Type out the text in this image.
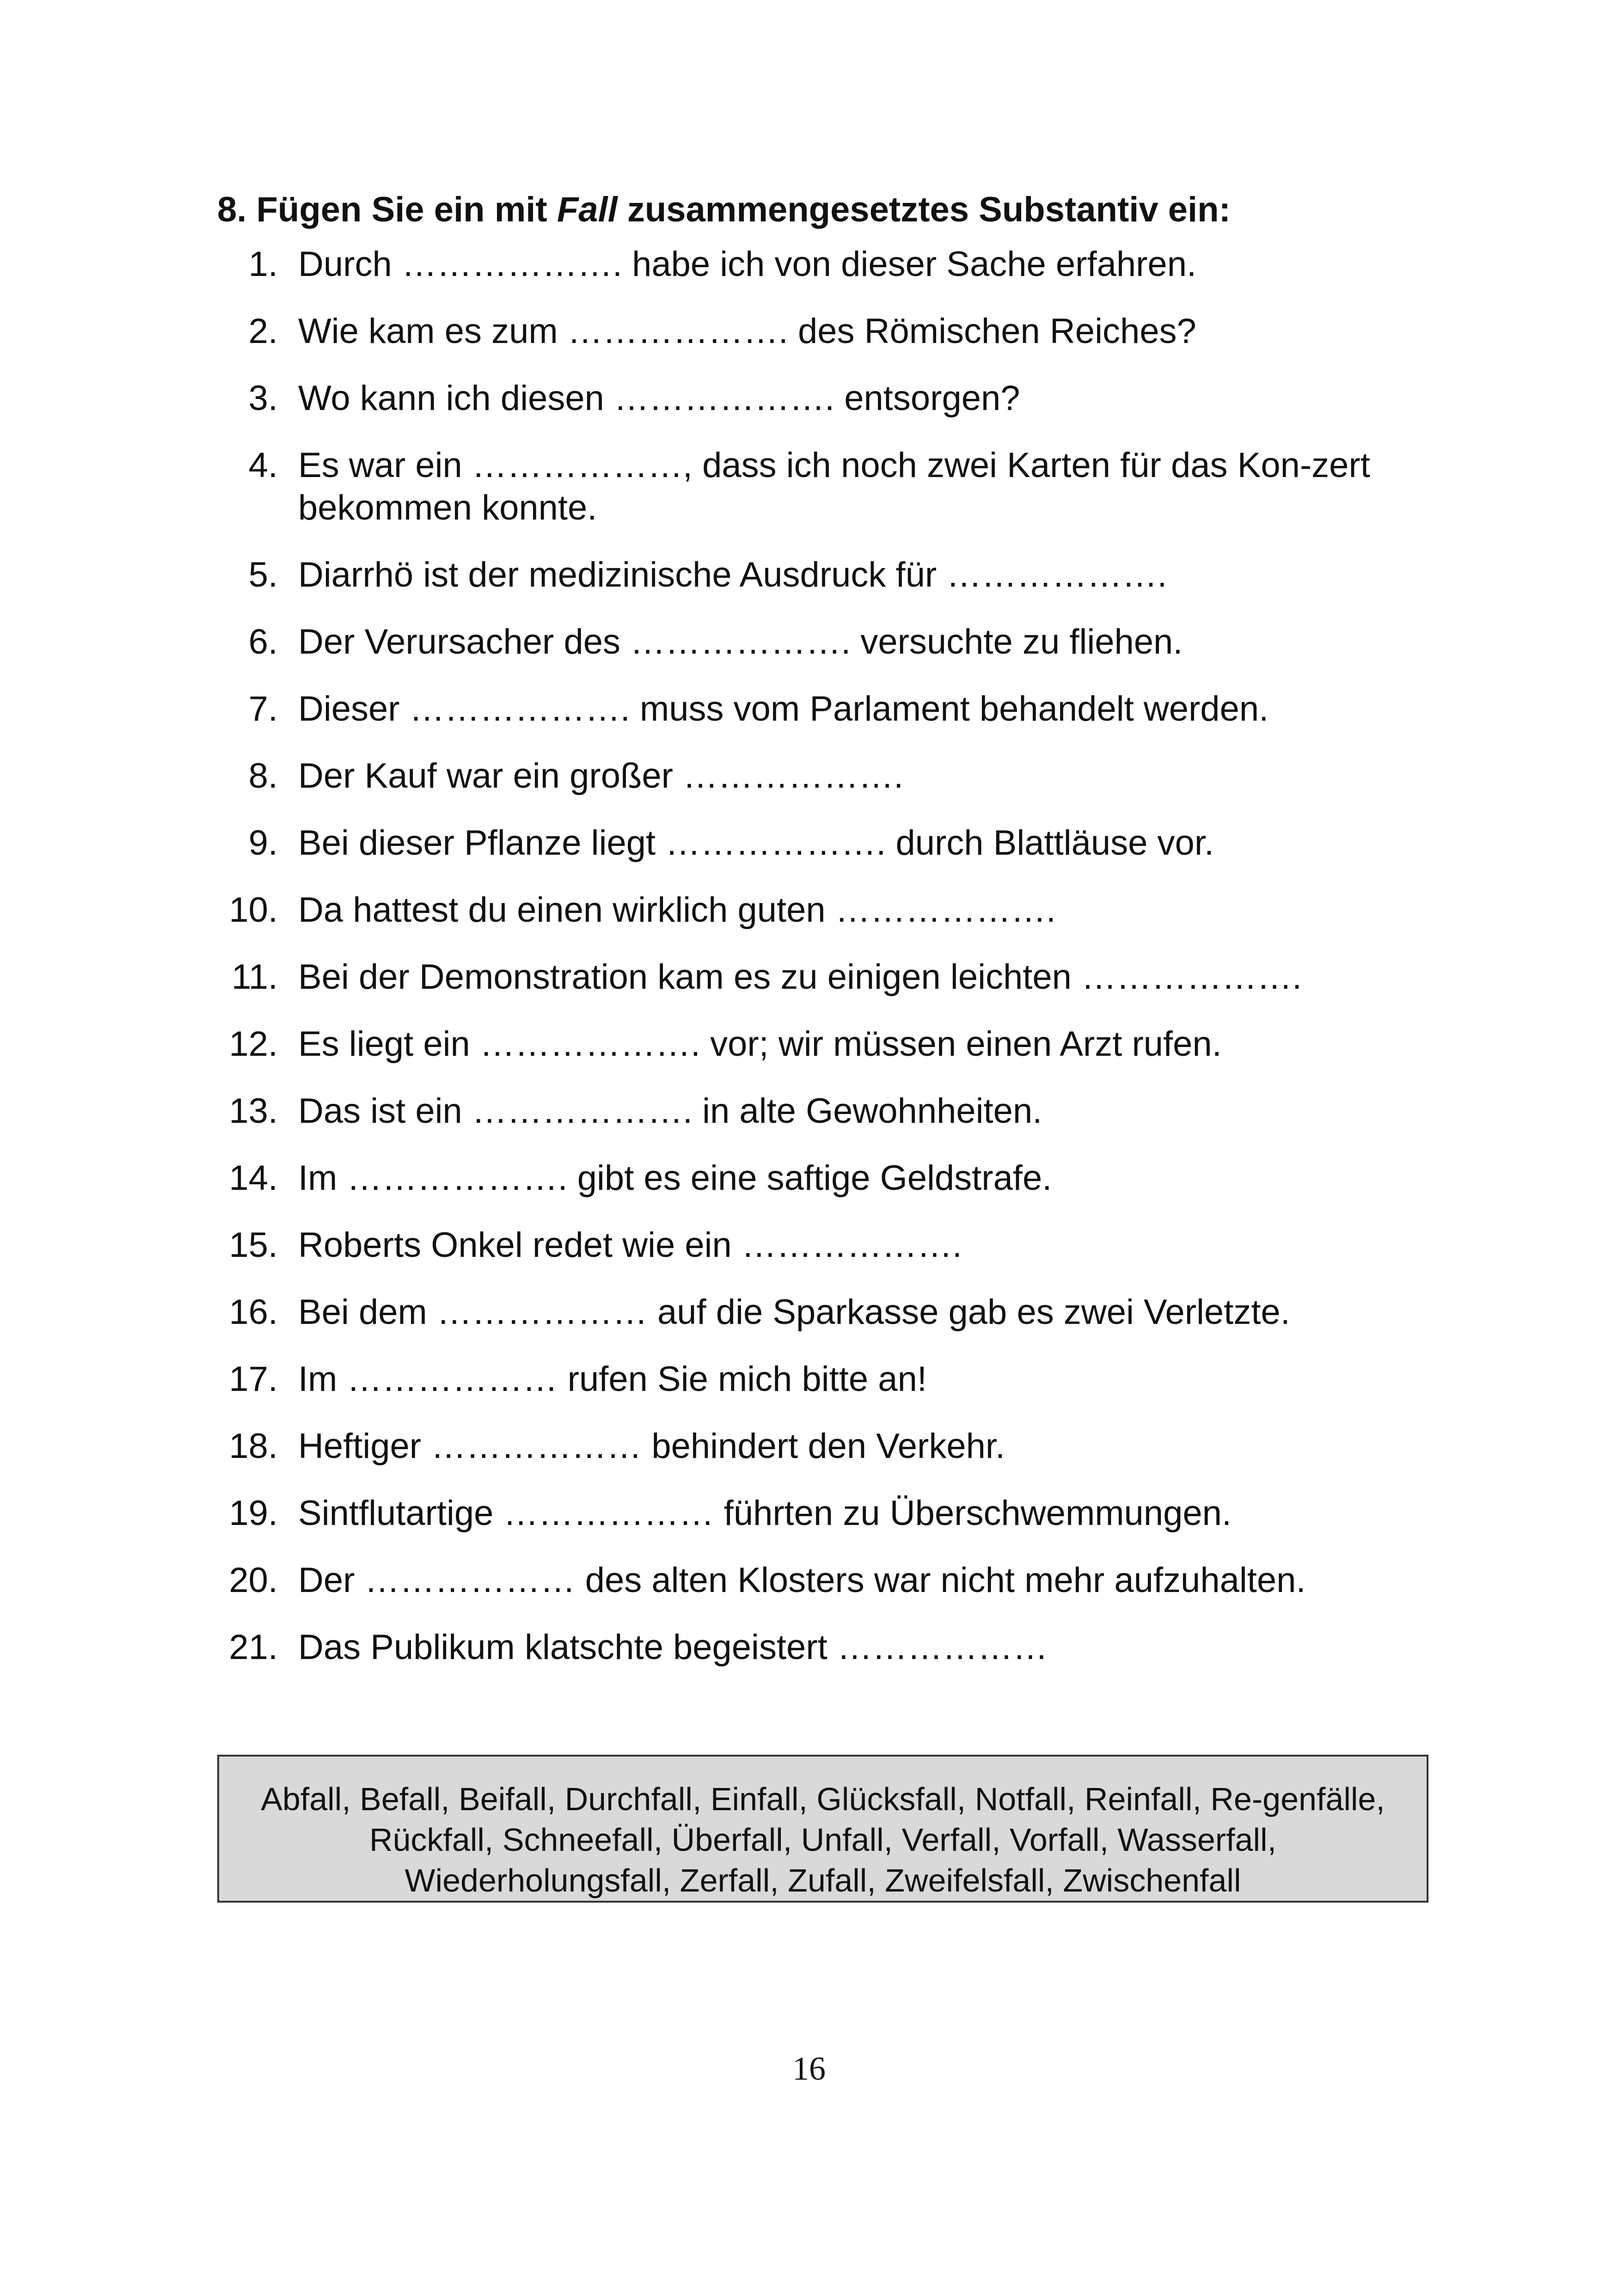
8. Fügen Sie ein mit Fall zusammengesetztes Substantiv ein:
1. Durch ………………. habe ich von dieser Sache erfahren.
2. Wie kam es zum ………………. des Römischen Reiches?
3. Wo kann ich diesen ………………. entsorgen?
4. Es war ein ………………, dass ich noch zwei Karten für das Kon-zert bekommen konnte.
5. Diarrhö ist der medizinische Ausdruck für ……………….
6. Der Verursacher des ………………. versuchte zu fliehen.
7. Dieser ………………. muss vom Parlament behandelt werden.
8. Der Kauf war ein großer ……………….
9. Bei dieser Pflanze liegt ………………. durch Blattläuse vor.
10. Da hattest du einen wirklich guten ……………….
11. Bei der Demonstration kam es zu einigen leichten ……………….
12. Es liegt ein ………………. vor; wir müssen einen Arzt rufen.
13. Das ist ein ………………. in alte Gewohnheiten.
14. Im ………………. gibt es eine saftige Geldstrafe.
15. Roberts Onkel redet wie ein ……………….
16. Bei dem ……………… auf die Sparkasse gab es zwei Verletzte.
17. Im ……………… rufen Sie mich bitte an!
18. Heftiger ……………… behindert den Verkehr.
19. Sintflutartige ……………… führten zu Überschwemmungen.
20. Der ……………… des alten Klosters war nicht mehr aufzuhalten.
21. Das Publikum klatschte begeistert ………………
Abfall, Befall, Beifall, Durchfall, Einfall, Glücksfall, Notfall, Reinfall, Re-genfälle, Rückfall, Schneefall, Überfall, Unfall, Verfall, Vorfall, Wasserfall, Wiederholungsfall, Zerfall, Zufall, Zweifelsfall, Zwischenfall
16
